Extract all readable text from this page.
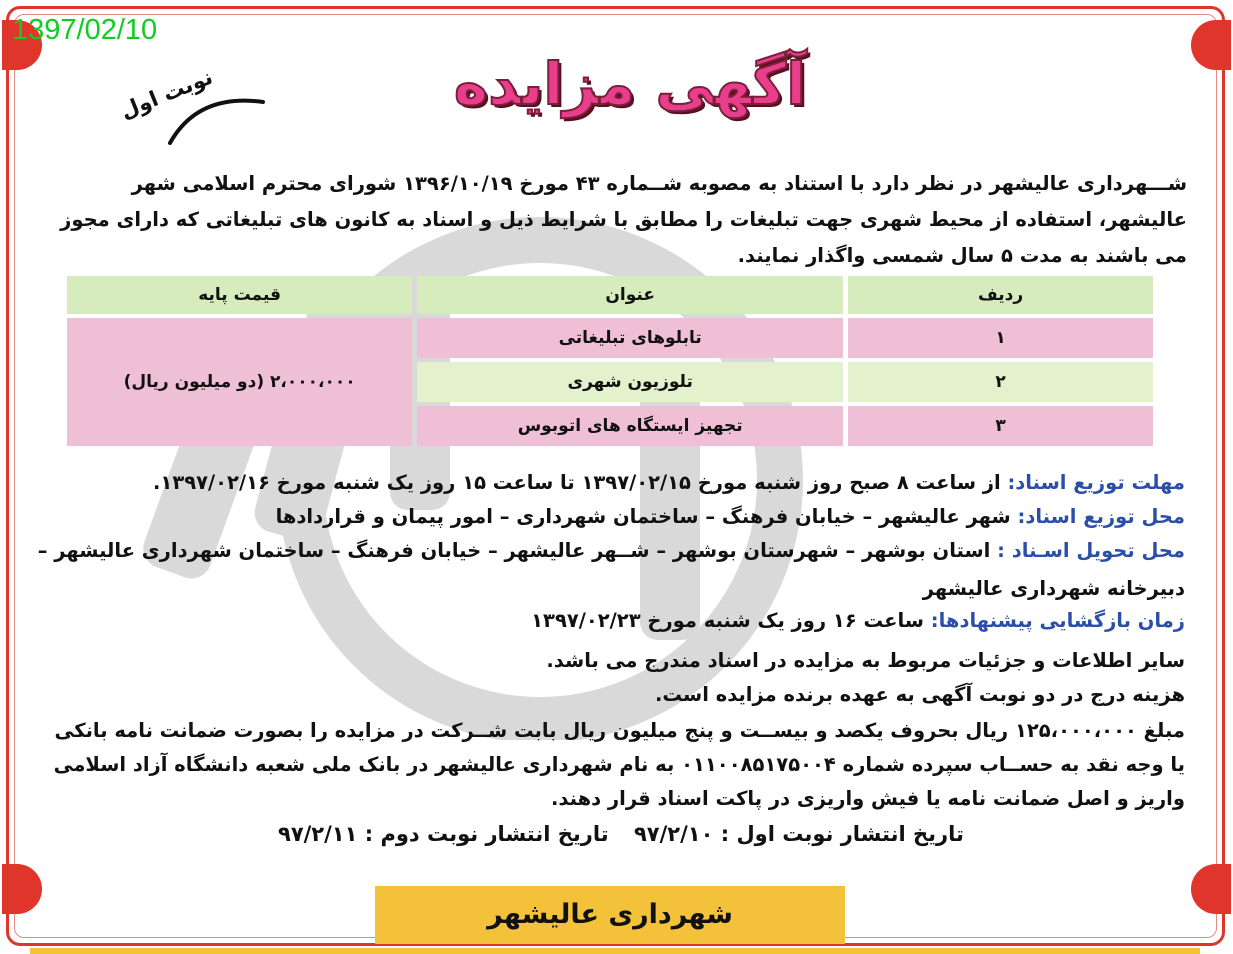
1397/02/10
آگهی مزایده
نوبت اول
شـــهرداری عالیشهر در نظر دارد با استناد به مصوبه شــماره ۴۳ مورخ ۱۳۹۶/۱۰/۱۹ شورای محترم اسلامی شهر عالیشهر، استفاده از محیط شهری جهت تبلیغات را مطابق با شرایط ذیل و اسناد به کانون های تبلیغاتی که دارای مجوز می باشند به مدت ۵ سال شمسی واگذار نمایند.
ردیف	عنوان	قیمت پایه
۱	تابلوهای تبلیغاتی	۲،۰۰۰،۰۰۰ (دو میلیون ریال)
۲	تلوزیون شهری	
۳	تجهیز ایستگاه های اتوبوس	
مهلت توزیع اسناد: از ساعت ۸ صبح روز شنبه مورخ ۱۳۹۷/۰۲/۱۵ تا ساعت ۱۵ روز یک شنبه مورخ ۱۳۹۷/۰۲/۱۶.
محل توزیع اسناد: شهر عالیشهر – خیابان فرهنگ – ساختمان شهرداری – امور پیمان و قراردادها
محل تحویل اسـناد : استان بوشهر – شهرستان بوشهر – شــهر عالیشهر – خیابان فرهنگ – ساختمان شهرداری عالیشهر –
دبیرخانه شهرداری عالیشهر
زمان بازگشایی پیشنهادها: ساعت ۱۶ روز یک شنبه مورخ ۱۳۹۷/۰۲/۲۳
سایر اطلاعات و جزئیات مربوط به مزایده در اسناد مندرج می باشد.
هزینه درج در دو نوبت آگهی به عهده برنده مزایده است.
مبلغ ۱۲۵،۰۰۰،۰۰۰ ریال بحروف یکصد و بیســت و پنج میلیون ریال بابت شــرکت در مزایده را بصورت ضمانت نامه بانکی یا وجه نقد به حســاب سپرده شماره ۰۱۱۰۰۸۵۱۷۵۰۰۴ به نام شهرداری عالیشهر در بانک ملی شعبه دانشگاه آزاد اسلامی واریز و اصل ضمانت نامه یا فیش واریزی در پاکت اسناد قرار دهند.
تاریخ انتشار نوبت اول : ۹۷/۲/۱۰ تاریخ انتشار نوبت دوم : ۹۷/۲/۱۱
شهرداری عالیشهر
